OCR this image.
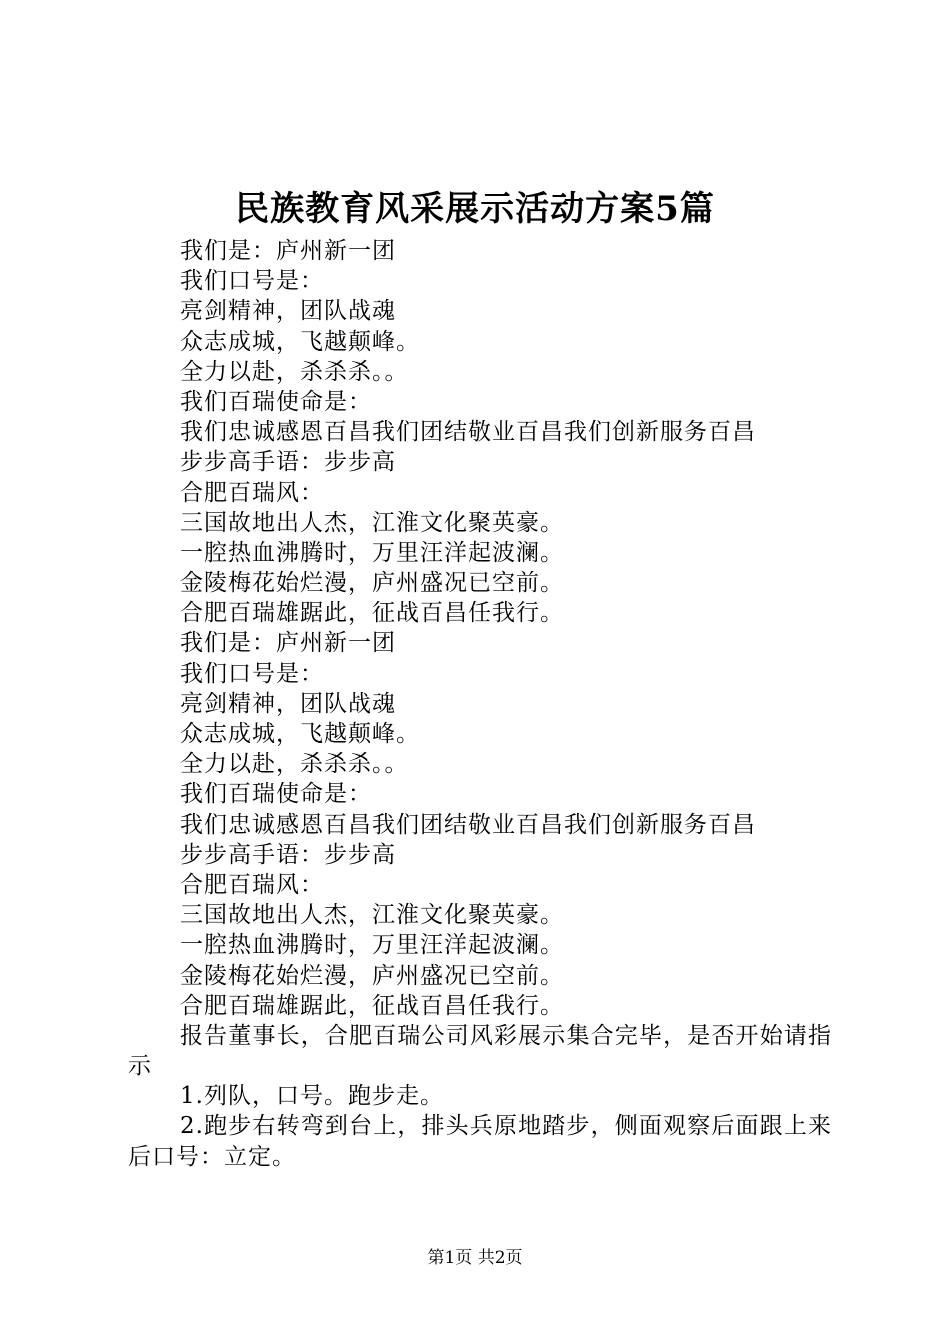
民族教育风采展示活动方案5篇
我们是：庐州新一团
我们口号是：
亮剑精神，团队战魂
众志成城，飞越颠峰。
全力以赴，杀杀杀。。
我们百瑞使命是：
我们忠诚感恩百昌我们团结敬业百昌我们创新服务百昌
步步高手语：步步高
合肥百瑞风：
三国故地出人杰，江淮文化聚英豪。
一腔热血沸腾时，万里汪洋起波澜。
金陵梅花始烂漫，庐州盛况已空前。
合肥百瑞雄踞此，征战百昌任我行。
我们是：庐州新一团
我们口号是：
亮剑精神，团队战魂
众志成城，飞越颠峰。
全力以赴，杀杀杀。。
我们百瑞使命是：
我们忠诚感恩百昌我们团结敬业百昌我们创新服务百昌
步步高手语：步步高
合肥百瑞风：
三国故地出人杰，江淮文化聚英豪。
一腔热血沸腾时，万里汪洋起波澜。
金陵梅花始烂漫，庐州盛况已空前。
合肥百瑞雄踞此，征战百昌任我行。
报告董事长，合肥百瑞公司风彩展示集合完毕，是否开始请指示
1.列队，口号。跑步走。
2.跑步右转弯到台上，排头兵原地踏步，侧面观察后面跟上来后口号：立定。
第1页 共2页
